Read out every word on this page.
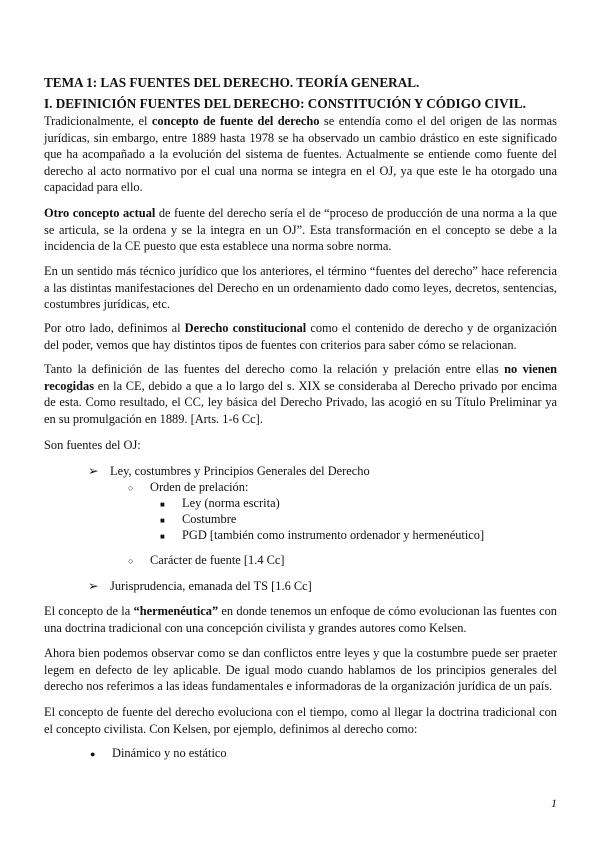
TEMA 1: LAS FUENTES DEL DERECHO. TEORÍA GENERAL.
I. DEFINICIÓN FUENTES DEL DERECHO: CONSTITUCIÓN Y CÓDIGO CIVIL.

Tradicionalmente, el concepto de fuente del derecho se entendía como el del origen de las normas jurídicas, sin embargo, entre 1889 hasta 1978 se ha observado un cambio drástico en este significado que ha acompañado a la evolución del sistema de fuentes. Actualmente se entiende como fuente del derecho al acto normativo por el cual una norma se integra en el OJ, ya que este le ha otorgado una capacidad para ello.

Otro concepto actual de fuente del derecho sería el de “proceso de producción de una norma a la que se articula, se la ordena y se la integra en un OJ”. Esta transformación en el concepto se debe a la incidencia de la CE puesto que esta establece una norma sobre norma.

En un sentido más técnico jurídico que los anteriores, el término “fuentes del derecho” hace referencia a las distintas manifestaciones del Derecho en un ordenamiento dado como leyes, decretos, sentencias, costumbres jurídicas, etc.

Por otro lado, definimos al Derecho constitucional como el contenido de derecho y de organización del poder, vemos que hay distintos tipos de fuentes con criterios para saber cómo se relacionan.

Tanto la definición de las fuentes del derecho como la relación y prelación entre ellas no vienen recogidas en la CE, debido a que a lo largo del s. XIX se consideraba al Derecho privado por encima de esta. Como resultado, el CC, ley básica del Derecho Privado, las acogió en su Título Preliminar ya en su promulgación en 1889. [Arts. 1-6 Cc].

Son fuentes del OJ:

➢ Ley, costumbres y Principios Generales del Derecho
○ Orden de prelación:
■ Ley (norma escrita)
■ Costumbre
■ PGD [también como instrumento ordenador y hermenéutico]
○ Carácter de fuente [1.4 Cc]
➢ Jurisprudencia, emanada del TS [1.6 Cc]

El concepto de la “hermenéutica” en donde tenemos un enfoque de cómo evolucionan las fuentes con una doctrina tradicional con una concepción civilista y grandes autores como Kelsen.

Ahora bien podemos observar como se dan conflictos entre leyes y que la costumbre puede ser praeter legem en defecto de ley aplicable. De igual modo cuando hablamos de los principios generales del derecho nos referimos a las ideas fundamentales e informadoras de la organización jurídica de un país.

El concepto de fuente del derecho evoluciona con el tiempo, como al llegar la doctrina tradicional con el concepto civilista. Con Kelsen, por ejemplo, definimos al derecho como:

● Dinámico y no estático
1
